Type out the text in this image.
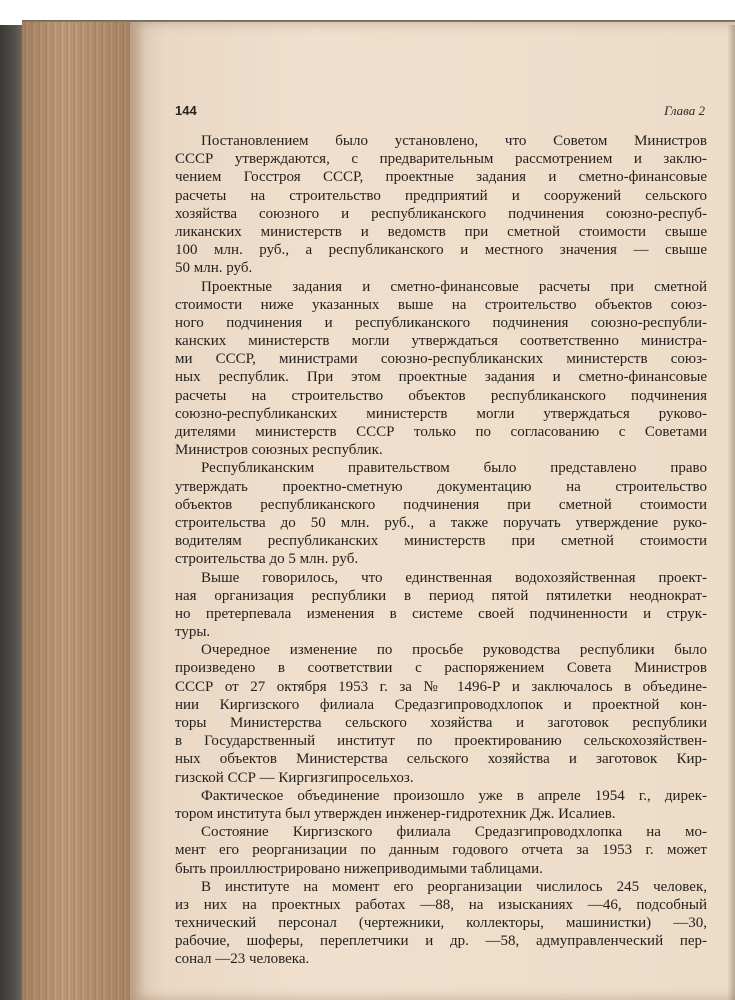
144	Глава 2
Постановлением было установлено, что Советом Министров
СССР утверждаются, с предварительным рассмотрением и заклю-
чением Госстроя СССР, проектные задания и сметно-финансовые
расчеты на строительство предприятий и сооружений сельского
хозяйства союзного и республиканского подчинения союзно-респуб-
ликанских министерств и ведомств при сметной стоимости свыше
100 млн. руб., а республиканского и местного значения — свыше
50 млн. руб.
Проектные задания и сметно-финансовые расчеты при сметной
стоимости ниже указанных выше на строительство объектов союз-
ного подчинения и республиканского подчинения союзно-республи-
канских министерств могли утверждаться соответственно министра-
ми СССР, министрами союзно-республиканских министерств союз-
ных республик. При этом проектные задания и сметно-финансовые
расчеты на строительство объектов республиканского подчинения
союзно-республиканских министерств могли утверждаться руково-
дителями министерств СССР только по согласованию с Советами
Министров союзных республик.
Республиканским правительством было представлено право
утверждать проектно-сметную документацию на строительство
объектов республиканского подчинения при сметной стоимости
строительства до 50 млн. руб., а также поручать утверждение руко-
водителям республиканских министерств при сметной стоимости
строительства до 5 млн. руб.
Выше говорилось, что единственная водохозяйственная проект-
ная организация республики в период пятой пятилетки неоднократ-
но претерпевала изменения в системе своей подчиненности и струк-
туры.
Очередное изменение по просьбе руководства республики было
произведено в соответствии с распоряжением Совета Министров
СССР от 27 октября 1953 г. за № 1496-Р и заключалось в объедине-
нии Киргизского филиала Средазгипроводхлопок и проектной кон-
торы Министерства сельского хозяйства и заготовок республики
в Государственный институт по проектированию сельскохозяйствен-
ных объектов Министерства сельского хозяйства и заготовок Кир-
гизской ССР — Киргизгипросельхоз.
Фактическое объединение произошло уже в апреле 1954 г., дирек-
тором института был утвержден инженер-гидротехник Дж. Исалиев.
Состояние Киргизского филиала Средазгипроводхлопка на мо-
мент его реорганизации по данным годового отчета за 1953 г. может
быть проиллюстрировано нижеприводимыми таблицами.
В институте на момент его реорганизации числилось 245 человек,
из них на проектных работах —88, на изысканиях —46, подсобный
технический персонал (чертежники, коллекторы, машинистки) —30,
рабочие, шоферы, переплетчики и др. —58, адмуправленческий пер-
сонал —23 человека.
